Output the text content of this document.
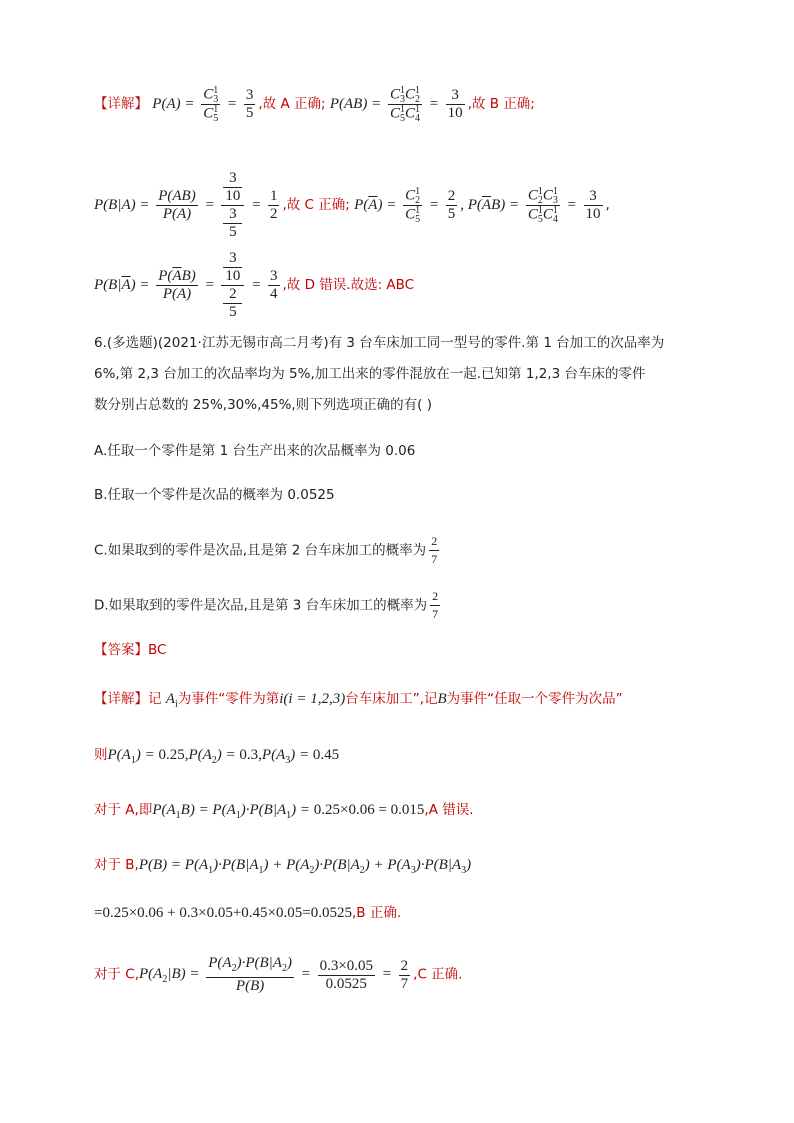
【详解】 P(A) = C 1
3
C 1
$5 = \frac{3}{5}$ ,故 A 正确; P(AB) = C 1
3 C 1
2
C 1
5 C 1
$4 = \frac{3}{10}$ ,故 B 正确;
$P(B|A) = \frac{P(AB)}{P(A)} = 3$
10
3
$5 = \frac{1}{2}$ ,故 C 正确; $P(\overline{A}) = C$ 1
2
C 1
$5 = \frac{2}{5}$ , $P(\overline{A}B) = C$ 1
2 C 1
3
C 1
5 C 1
$4 = \frac{3}{10}$ ,
$P(B|\overline{A}) = \frac{P(\overline{A}B)}{P(\overline{A})} = 3$
10
2
$5 = \frac{3}{4}$ ,故 D 错误.故选: ABC
6.(多选题)(2021·江苏无锡市高二月考)有 3 台车床加工同一型号的零件.第 1 台加工的次品率为
6%,第 2,3 台加工的次品率均为 5%,加工出来的零件混放在一起.已知第 1,2,3 台车床的零件
数分别占总数的 25%,30%,45%,则下列选项正确的有( )
A.任取一个零件是第 1 台生产出来的次品概率为 0.06
B.任取一个零件是次品的概率为 0.0525
C.如果取到的零件是次品,且是第 2 台车床加工的概率为 $\frac{2}{7}$
D.如果取到的零件是次品,且是第 3 台车床加工的概率为 $\frac{2}{7}$
【答案】BC
【详解】记 $A_i$为事件“零件为第i(i = 1,2,3)台车床加工”,记B为事件“任取一个零件为次品”
则$P(A_1) = 0.25,P(A_2) = 0.3,P(A_3) = 0.45$
对于 A,即$P(A_1B) = P(A_1)\cdot P(B|A_1) = 0.25\times 0.06 = 0.015,A$ 错误.
对于 $B,P(B) = P(A_1)\cdot P(B|A_1) + P(A_2)\cdot P(B|A_2) + P(A_3)\cdot P(B|A_3)$
=0.25×0.06 + 0.3×0.05+0.45×0.05=0.0525,B 正确.
对于 $C,P(A_2|B) = \frac{P(A_2)\cdot P(B|A_2)}{P(B)} = \frac{0.3\times 0.05}{0.0525} = \frac{2}{7} ,C$ 正确.
